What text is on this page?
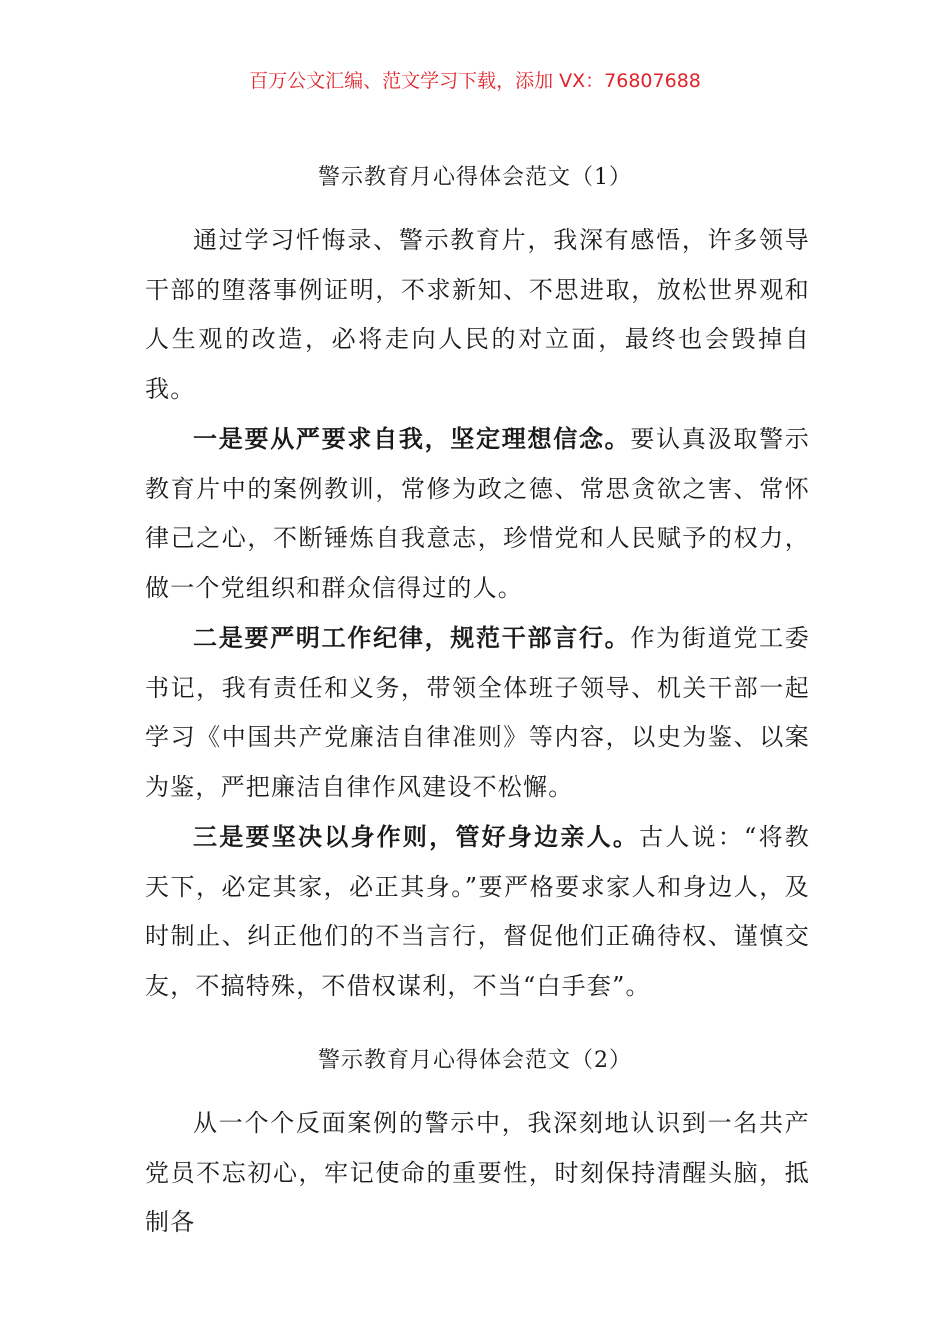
百万公文汇编、范文学习下载，添加 VX：76807688
警示教育月心得体会范文（1）

通过学习忏悔录、警示教育片，我深有感悟，许多领导干部的堕落事例证明，不求新知、不思进取，放松世界观和人生观的改造，必将走向人民的对立面，最终也会毁掉自我。

一是要从严要求自我，坚定理想信念。要认真汲取警示教育片中的案例教训，常修为政之德、常思贪欲之害、常怀律己之心，不断锤炼自我意志，珍惜党和人民赋予的权力，做一个党组织和群众信得过的人。

二是要严明工作纪律，规范干部言行。作为街道党工委书记，我有责任和义务，带领全体班子领导、机关干部一起学习《中国共产党廉洁自律准则》等内容，以史为鉴、以案为鉴，严把廉洁自律作风建设不松懈。

三是要坚决以身作则，管好身边亲人。古人说：“将教天下，必定其家，必正其身。”要严格要求家人和身边人，及时制止、纠正他们的不当言行，督促他们正确待权、谨慎交友，不搞特殊，不借权谋利，不当“白手套”。

警示教育月心得体会范文（2）

从一个个反面案例的警示中，我深刻地认识到一名共产党员不忘初心，牢记使命的重要性，时刻保持清醒头脑，抵制各
